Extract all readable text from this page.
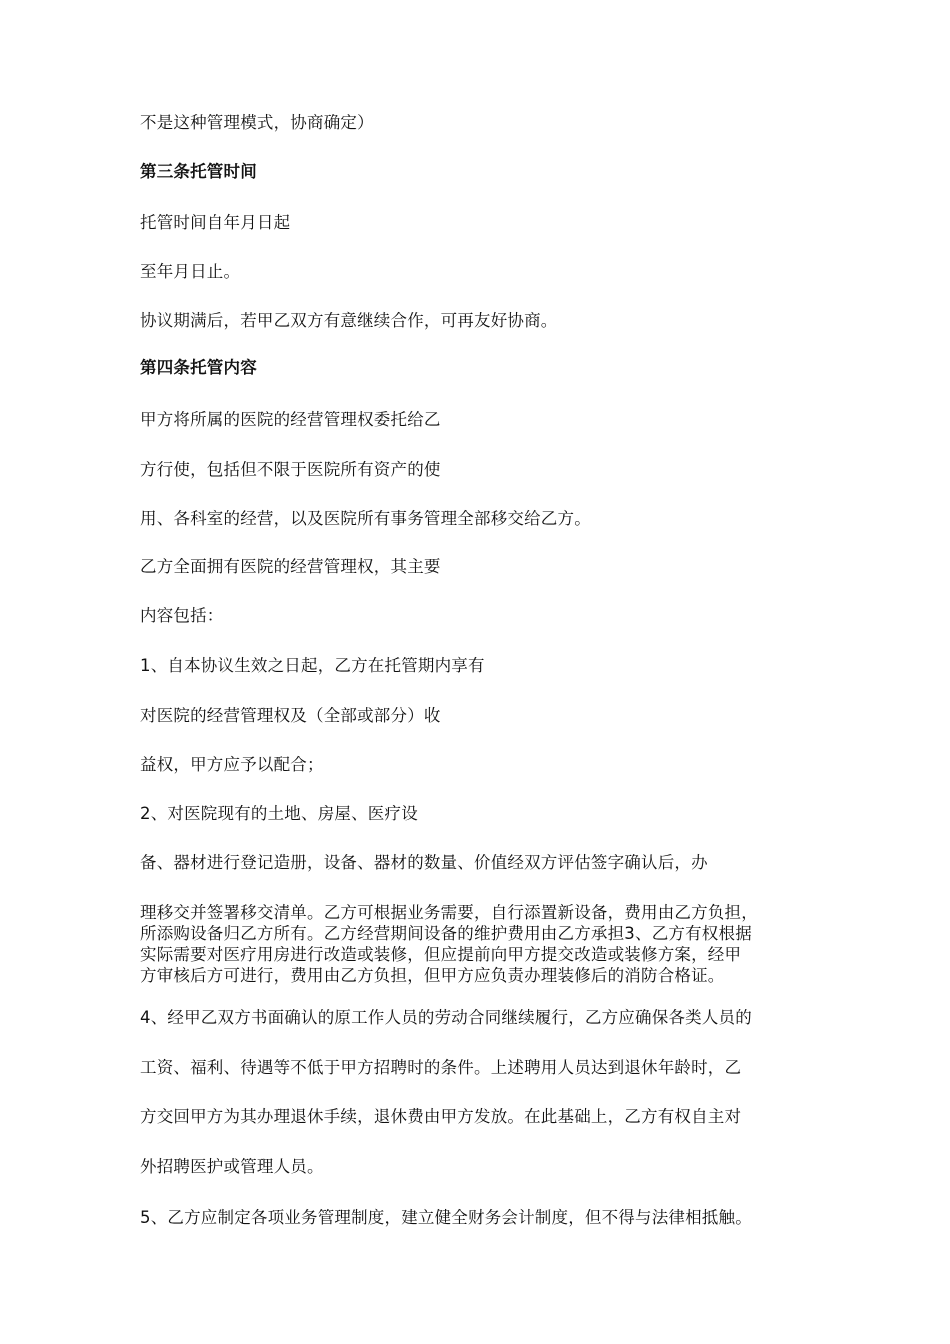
不是这种管理模式，协商确定）

第三条托管时间

托管时间自年月日起

至年月日止。

协议期满后，若甲乙双方有意继续合作，可再友好协商。

第四条托管内容

甲方将所属的医院的经营管理权委托给乙

方行使，包括但不限于医院所有资产的使

用、各科室的经营，以及医院所有事务管理全部移交给乙方。

乙方全面拥有医院的经营管理权，其主要

内容包括：

1、自本协议生效之日起，乙方在托管期内享有

对医院的经营管理权及（全部或部分）收

益权，甲方应予以配合；

2、对医院现有的土地、房屋、医疗设

备、器材进行登记造册，设备、器材的数量、价值经双方评估签字确认后，办

理移交并签署移交清单。乙方可根据业务需要，自行添置新设备，费用由乙方负担，

所添购设备归乙方所有。乙方经营期间设备的维护费用由乙方承担3、乙方有权根据

实际需要对医疗用房进行改造或装修，但应提前向甲方提交改造或装修方案，经甲

方审核后方可进行，费用由乙方负担，但甲方应负责办理装修后的消防合格证。

4、经甲乙双方书面确认的原工作人员的劳动合同继续履行，乙方应确保各类人员的

工资、福利、待遇等不低于甲方招聘时的条件。上述聘用人员达到退休年龄时，乙

方交回甲方为其办理退休手续，退休费由甲方发放。在此基础上，乙方有权自主对

外招聘医护或管理人员。

5、乙方应制定各项业务管理制度，建立健全财务会计制度，但不得与法律相抵触。
